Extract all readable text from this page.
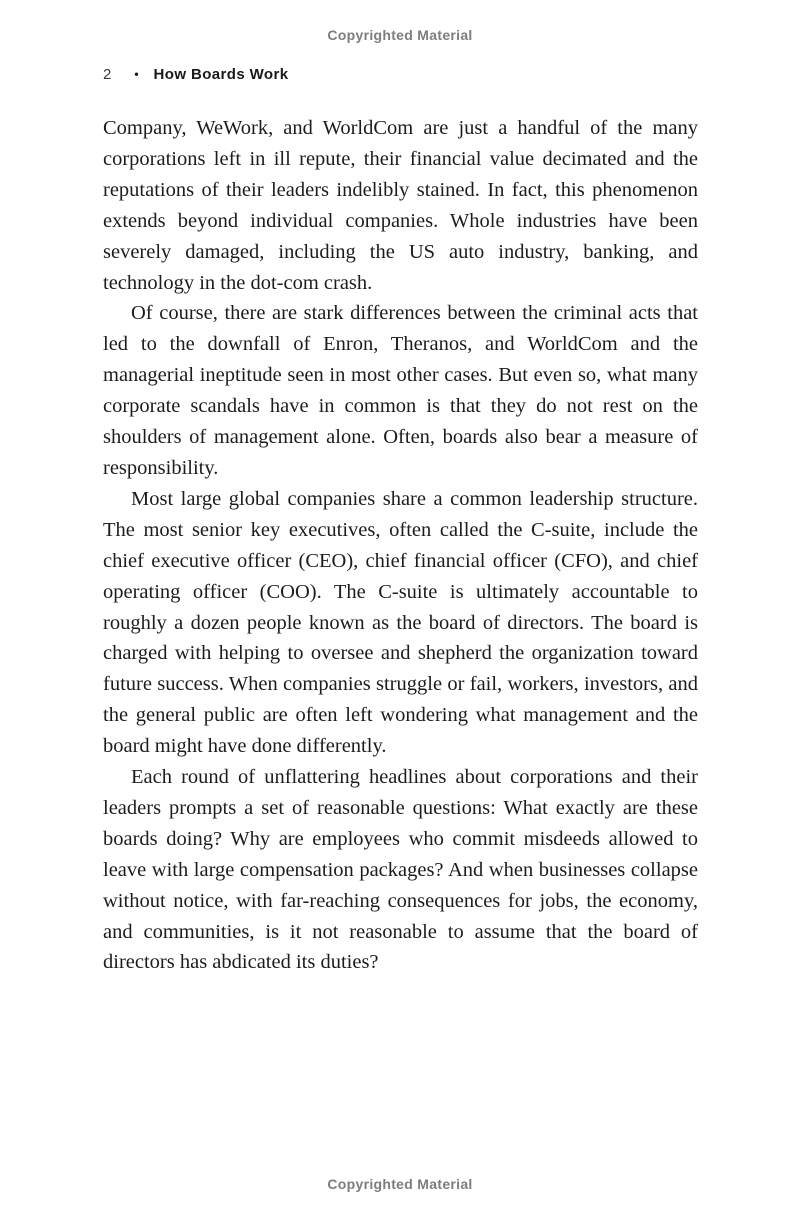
Copyrighted Material
2 • How Boards Work

Company, WeWork, and WorldCom are just a handful of the many corporations left in ill repute, their financial value decimated and the reputations of their leaders indelibly stained. In fact, this phenomenon extends beyond individual companies. Whole industries have been severely damaged, including the US auto industry, banking, and technology in the dot-com crash.

Of course, there are stark differences between the criminal acts that led to the downfall of Enron, Theranos, and WorldCom and the managerial ineptitude seen in most other cases. But even so, what many corporate scandals have in common is that they do not rest on the shoulders of management alone. Often, boards also bear a measure of responsibility.

Most large global companies share a common leadership structure. The most senior key executives, often called the C-suite, include the chief executive officer (CEO), chief financial officer (CFO), and chief operating officer (COO). The C-suite is ultimately accountable to roughly a dozen people known as the board of directors. The board is charged with helping to oversee and shepherd the organization toward future success. When companies struggle or fail, workers, investors, and the general public are often left wondering what management and the board might have done differently.

Each round of unflattering headlines about corporations and their leaders prompts a set of reasonable questions: What exactly are these boards doing? Why are employees who commit misdeeds allowed to leave with large compensation packages? And when businesses collapse without notice, with far-reaching consequences for jobs, the economy, and communities, is it not reasonable to assume that the board of directors has abdicated its duties?

Copyrighted Material
